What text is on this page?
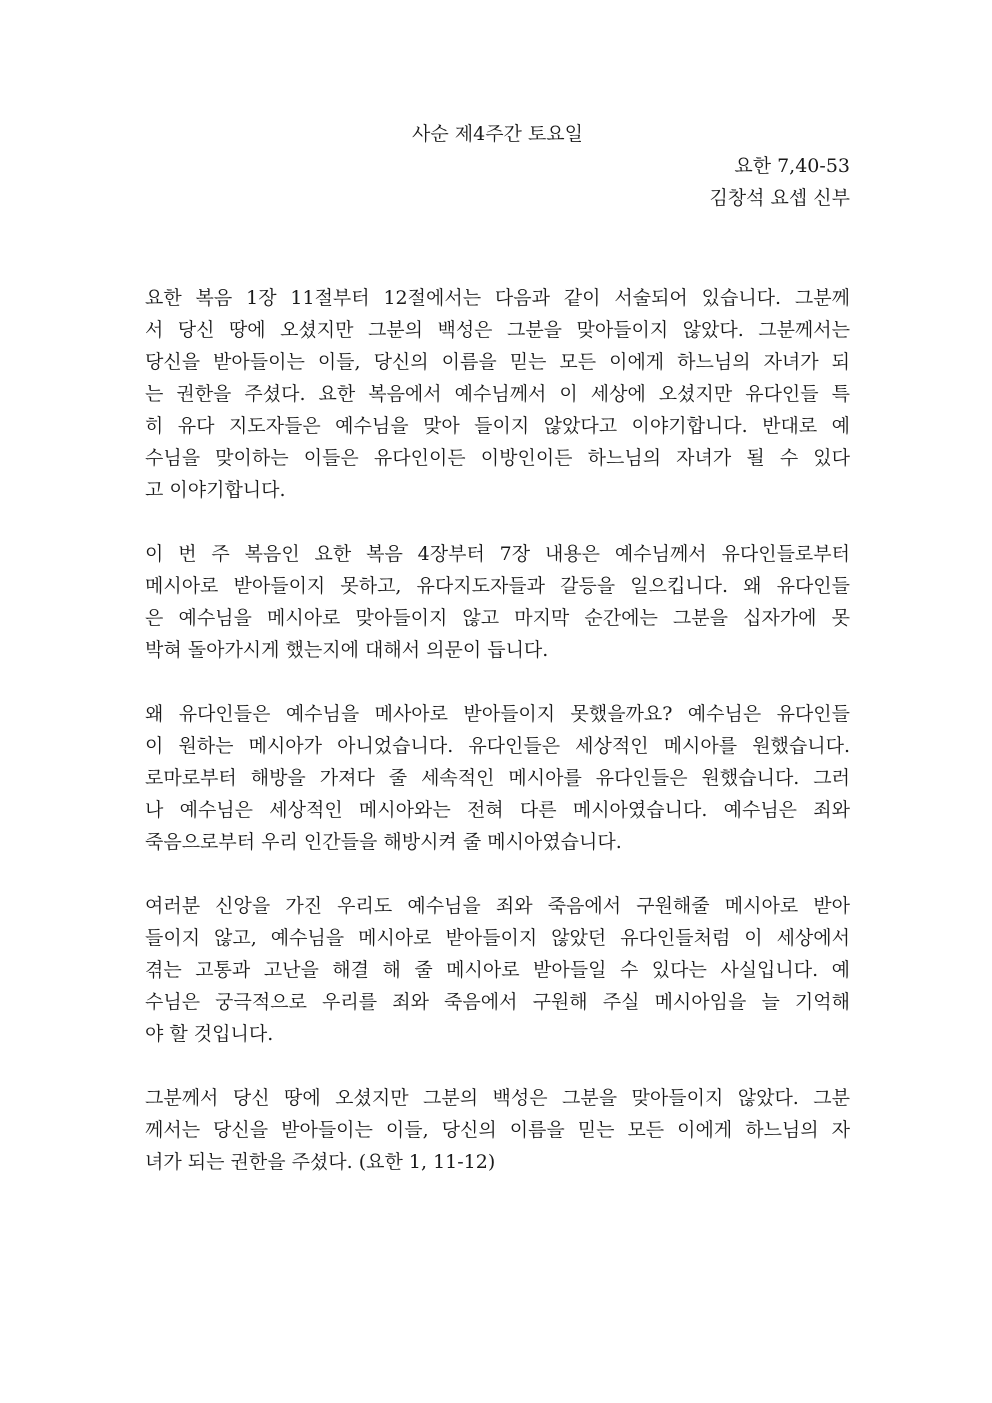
사순 제4주간 토요일

요한 7,40-53

김창석 요셉 신부

요한 복음 1장 11절부터 12절에서는 다음과 같이 서술되어 있습니다. 그분께
서 당신 땅에 오셨지만 그분의 백성은 그분을 맞아들이지 않았다. 그분께서는
당신을 받아들이는 이들, 당신의 이름을 믿는 모든 이에게 하느님의 자녀가 되
는 권한을 주셨다. 요한 복음에서 예수님께서 이 세상에 오셨지만 유다인들 특
히 유다 지도자들은 예수님을 맞아 들이지 않았다고 이야기합니다. 반대로 예
수님을 맞이하는 이들은 유다인이든 이방인이든 하느님의 자녀가 될 수 있다
고 이야기합니다.
이 번 주 복음인 요한 복음 4장부터 7장 내용은 예수님께서 유다인들로부터
메시아로 받아들이지 못하고, 유다지도자들과 갈등을 일으킵니다. 왜 유다인들
은 예수님을 메시아로 맞아들이지 않고 마지막 순간에는 그분을 십자가에 못
박혀 돌아가시게 했는지에 대해서 의문이 듭니다.
왜 유다인들은 예수님을 메사아로 받아들이지 못했을까요? 예수님은 유다인들
이 원하는 메시아가 아니었습니다. 유다인들은 세상적인 메시아를 원했습니다.
로마로부터 해방을 가져다 줄 세속적인 메시아를 유다인들은 원했습니다. 그러
나 예수님은 세상적인 메시아와는 전혀 다른 메시아였습니다. 예수님은 죄와
죽음으로부터 우리 인간들을 해방시켜 줄 메시아였습니다.
여러분 신앙을 가진 우리도 예수님을 죄와 죽음에서 구원해줄 메시아로 받아
들이지 않고, 예수님을 메시아로 받아들이지 않았던 유다인들처럼 이 세상에서
겪는 고통과 고난을 해결 해 줄 메시아로 받아들일 수 있다는 사실입니다. 예
수님은 궁극적으로 우리를 죄와 죽음에서 구원해 주실 메시아임을 늘 기억해
야 할 것입니다.
그분께서 당신 땅에 오셨지만 그분의 백성은 그분을 맞아들이지 않았다. 그분
께서는 당신을 받아들이는 이들, 당신의 이름을 믿는 모든 이에게 하느님의 자
녀가 되는 권한을 주셨다. (요한 1, 11-12)
